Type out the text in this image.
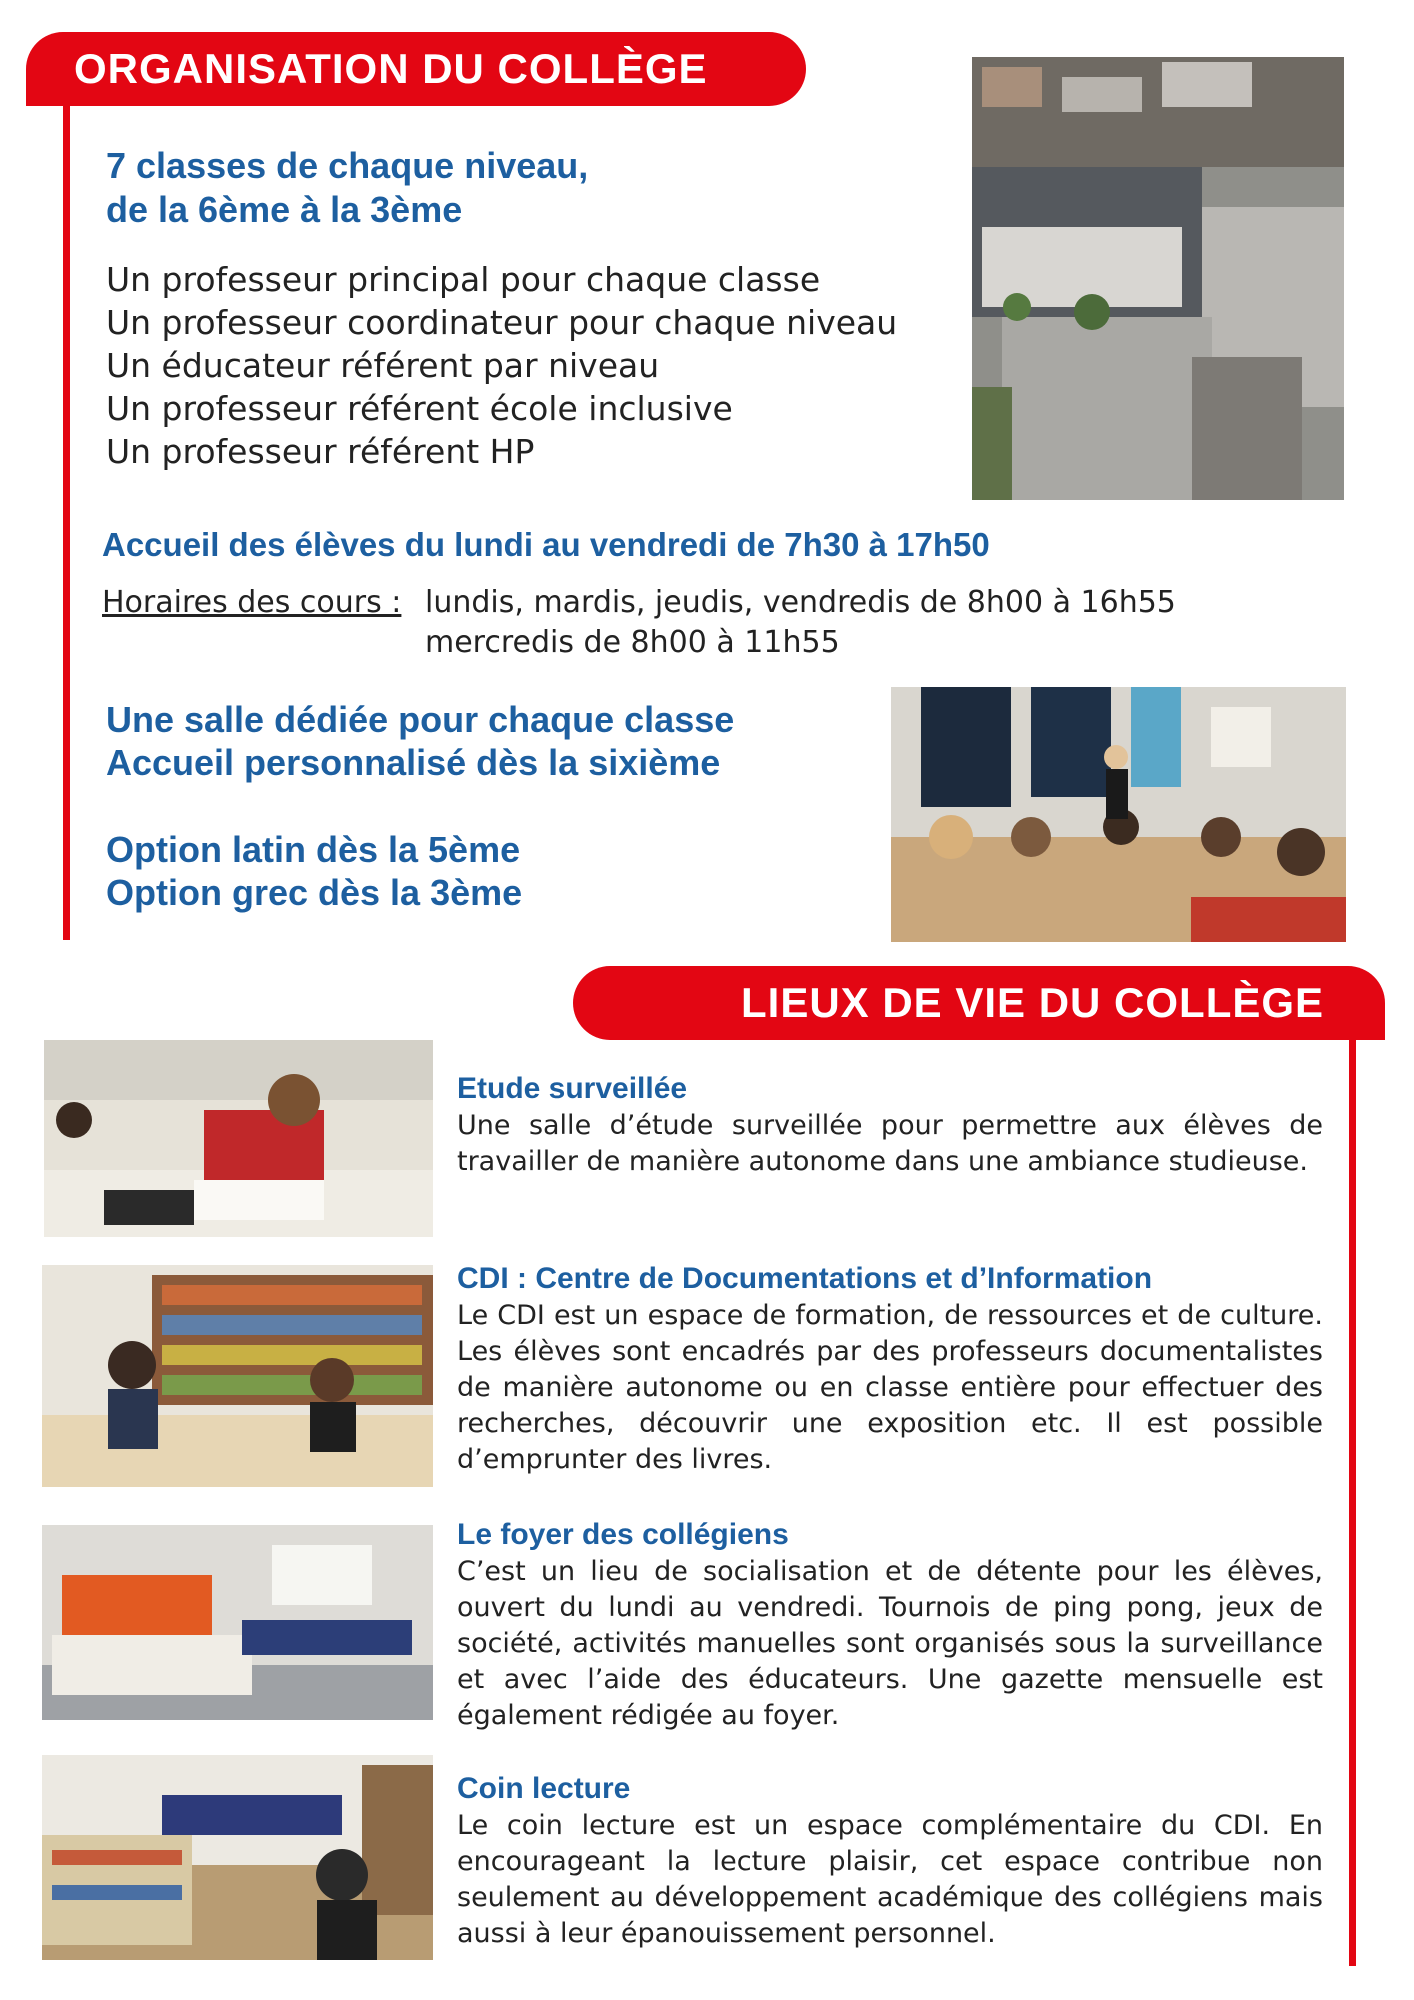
ORGANISATION DU COLLÈGE
7 classes de chaque niveau,
de la 6ème à la 3ème
Un professeur principal pour chaque classe
Un professeur coordinateur pour chaque niveau
Un éducateur référent par niveau
Un professeur référent école inclusive
Un professeur référent HP
Accueil des élèves du lundi au vendredi de 7h30 à 17h50
Horaires des cours : lundis, mardis, jeudis, vendredis de 8h00 à 16h55
mercredis de 8h00 à 11h55
Une salle dédiée pour chaque classe
Accueil personnalisé dès la sixième
Option latin dès la 5ème
Option grec dès la 3ème
LIEUX DE VIE DU COLLÈGE
Etude surveillée
Une salle d’étude surveillée pour permettre aux élèves de travailler de manière autonome dans une ambiance studieuse.
CDI : Centre de Documentations et d’Information
Le CDI est un espace de formation, de ressources et de culture. Les élèves sont encadrés par des professeurs documentalistes de manière autonome ou en classe entière pour effectuer des recherches, découvrir une exposition etc. Il est possible d’emprunter des livres.
Le foyer des collégiens
C’est un lieu de socialisation et de détente pour les élèves, ouvert du lundi au vendredi. Tournois de ping pong, jeux de société, activités manuelles sont organisés sous la surveillance et avec l’aide des éducateurs. Une gazette mensuelle est également rédigée au foyer.
Coin lecture
Le coin lecture est un espace complémentaire du CDI. En encourageant la lecture plaisir, cet espace contribue non seulement au développement académique des collégiens mais aussi à leur épanouissement personnel.
